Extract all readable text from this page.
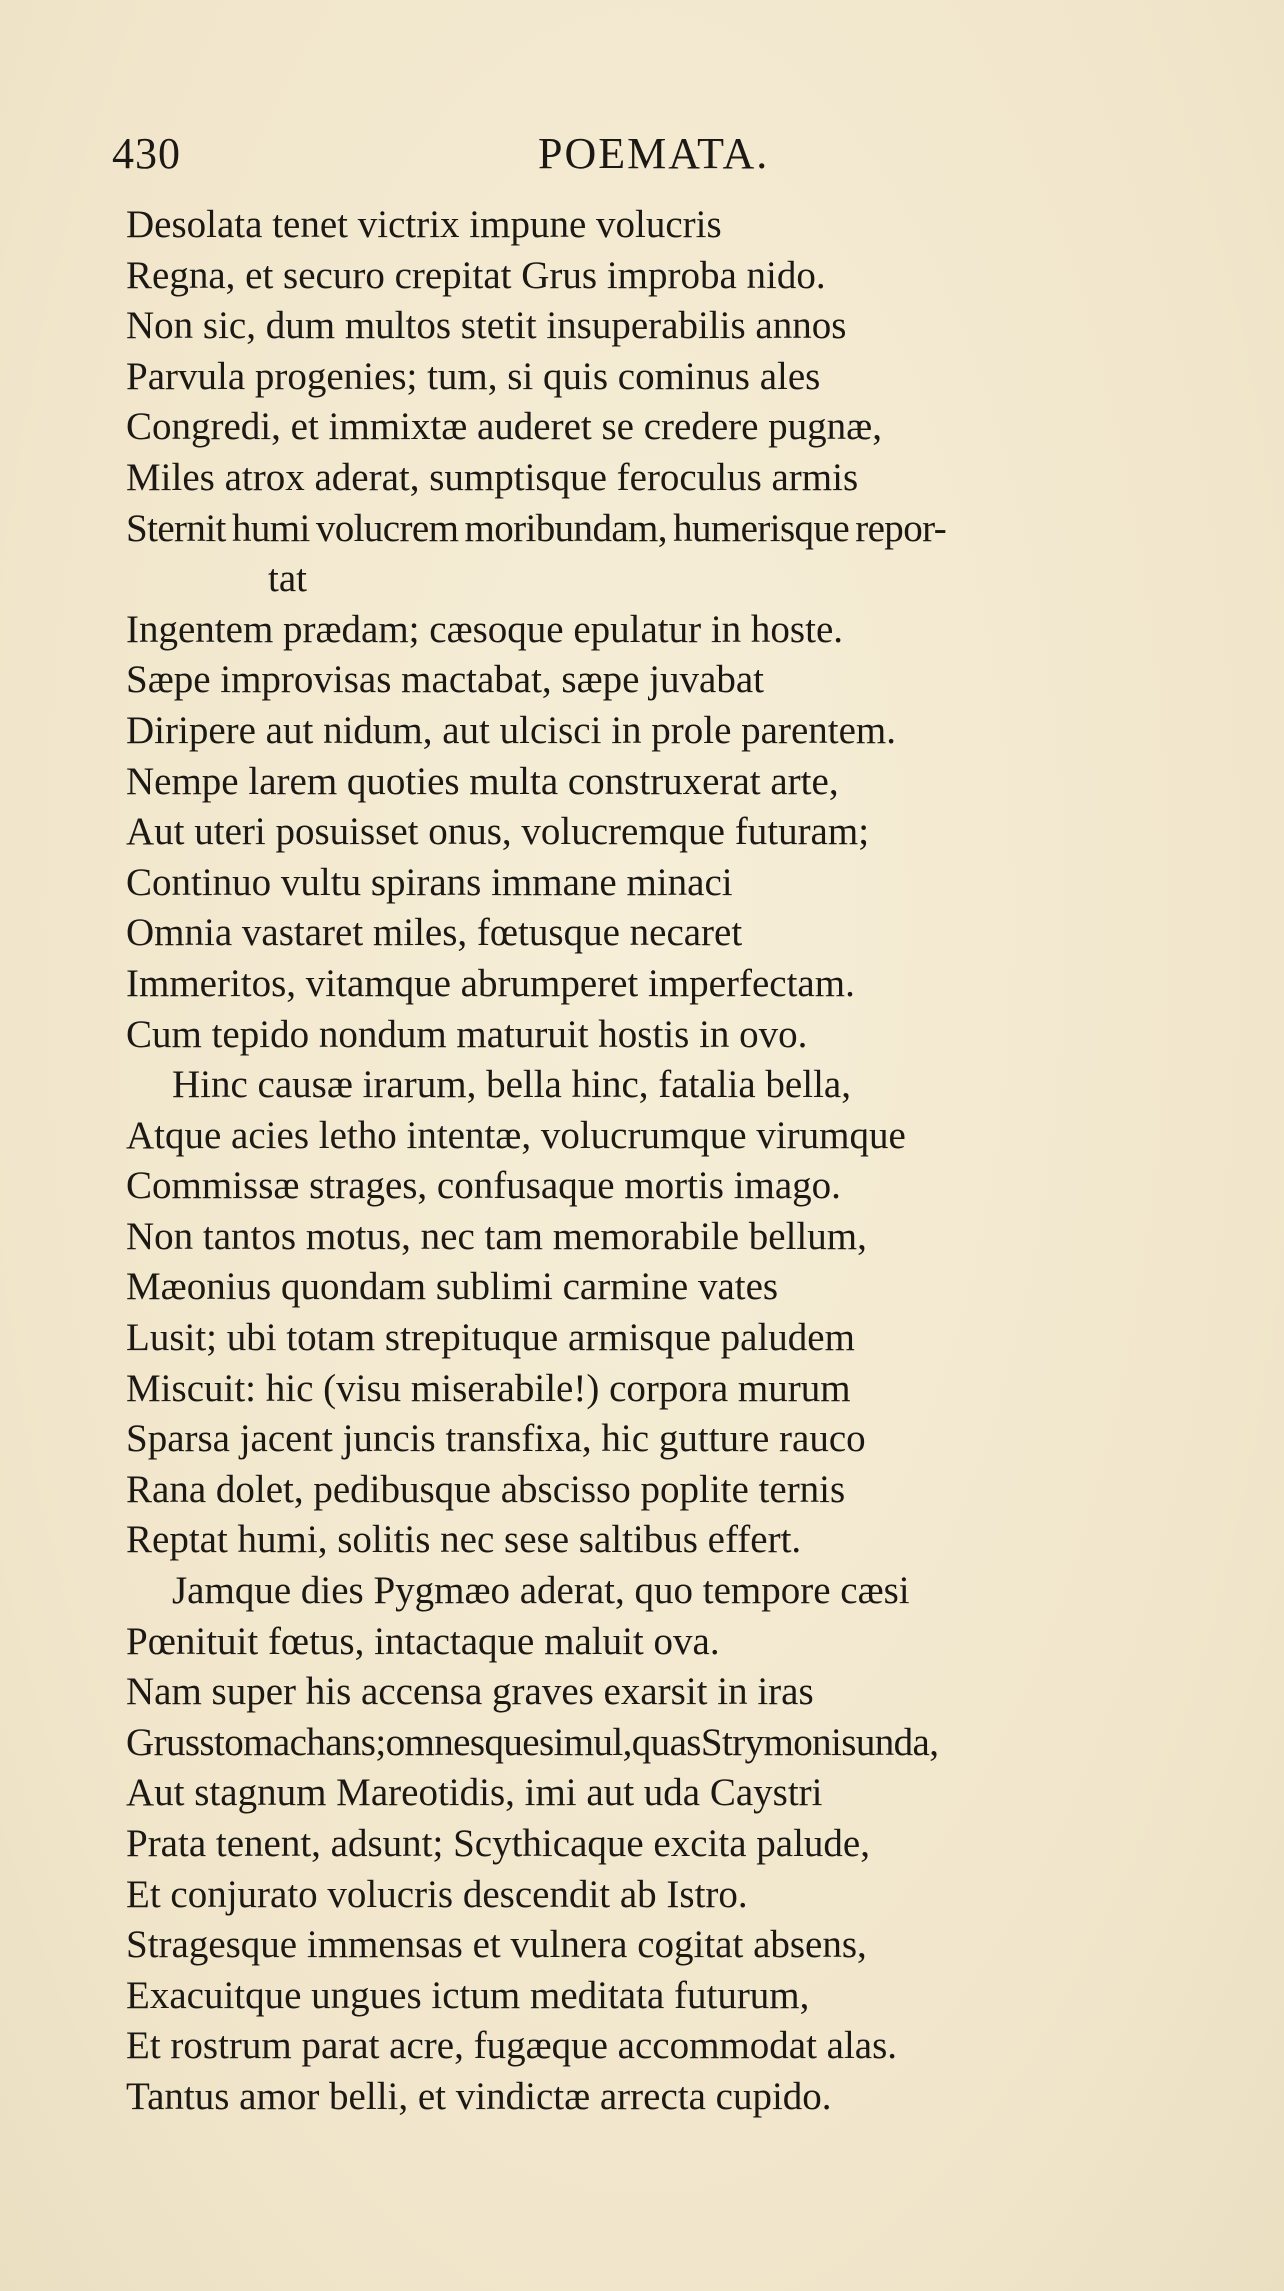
430	POEMATA.
Desolata tenet victrix impune volucris
Regna, et securo crepitat Grus improba nido.
Non sic, dum multos stetit insuperabilis annos
Parvula progenies; tum, si quis cominus ales
Congredi, et immixtæ auderet se credere pugnæ,
Miles atrox aderat, sumptisque feroculus armis
Sternit humi volucrem moribundam, humerisque repor-
tat
Ingentem prædam; cæsoque epulatur in hoste.
Sæpe improvisas mactabat, sæpe juvabat
Diripere aut nidum, aut ulcisci in prole parentem.
Nempe larem quoties multa construxerat arte,
Aut uteri posuisset onus, volucremque futuram;
Continuo vultu spirans immane minaci
Omnia vastaret miles, fœtusque necaret
Immeritos, vitamque abrumperet imperfectam.
Cum tepido nondum maturuit hostis in ovo.
Hinc causæ irarum, bella hinc, fatalia bella,
Atque acies letho intentæ, volucrumque virumque
Commissæ strages, confusaque mortis imago.
Non tantos motus, nec tam memorabile bellum,
Mæonius quondam sublimi carmine vates
Lusit; ubi totam strepituque armisque paludem
Miscuit: hic (visu miserabile!) corpora murum
Sparsa jacent juncis transfixa, hic gutture rauco
Rana dolet, pedibusque abscisso poplite ternis
Reptat humi, solitis nec sese saltibus effert.
Jamque dies Pygmæo aderat, quo tempore cæsi
Pœnituit fœtus, intactaque maluit ova.
Nam super his accensa graves exarsit in iras
Grusstomachans;omnesquesimul,quasStrymonisunda,
Aut stagnum Mareotidis, imi aut uda Caystri
Prata tenent, adsunt; Scythicaque excita palude,
Et conjurato volucris descendit ab Istro.
Stragesque immensas et vulnera cogitat absens,
Exacuitque ungues ictum meditata futurum,
Et rostrum parat acre, fugæque accommodat alas.
Tantus amor belli, et vindictæ arrecta cupido.
